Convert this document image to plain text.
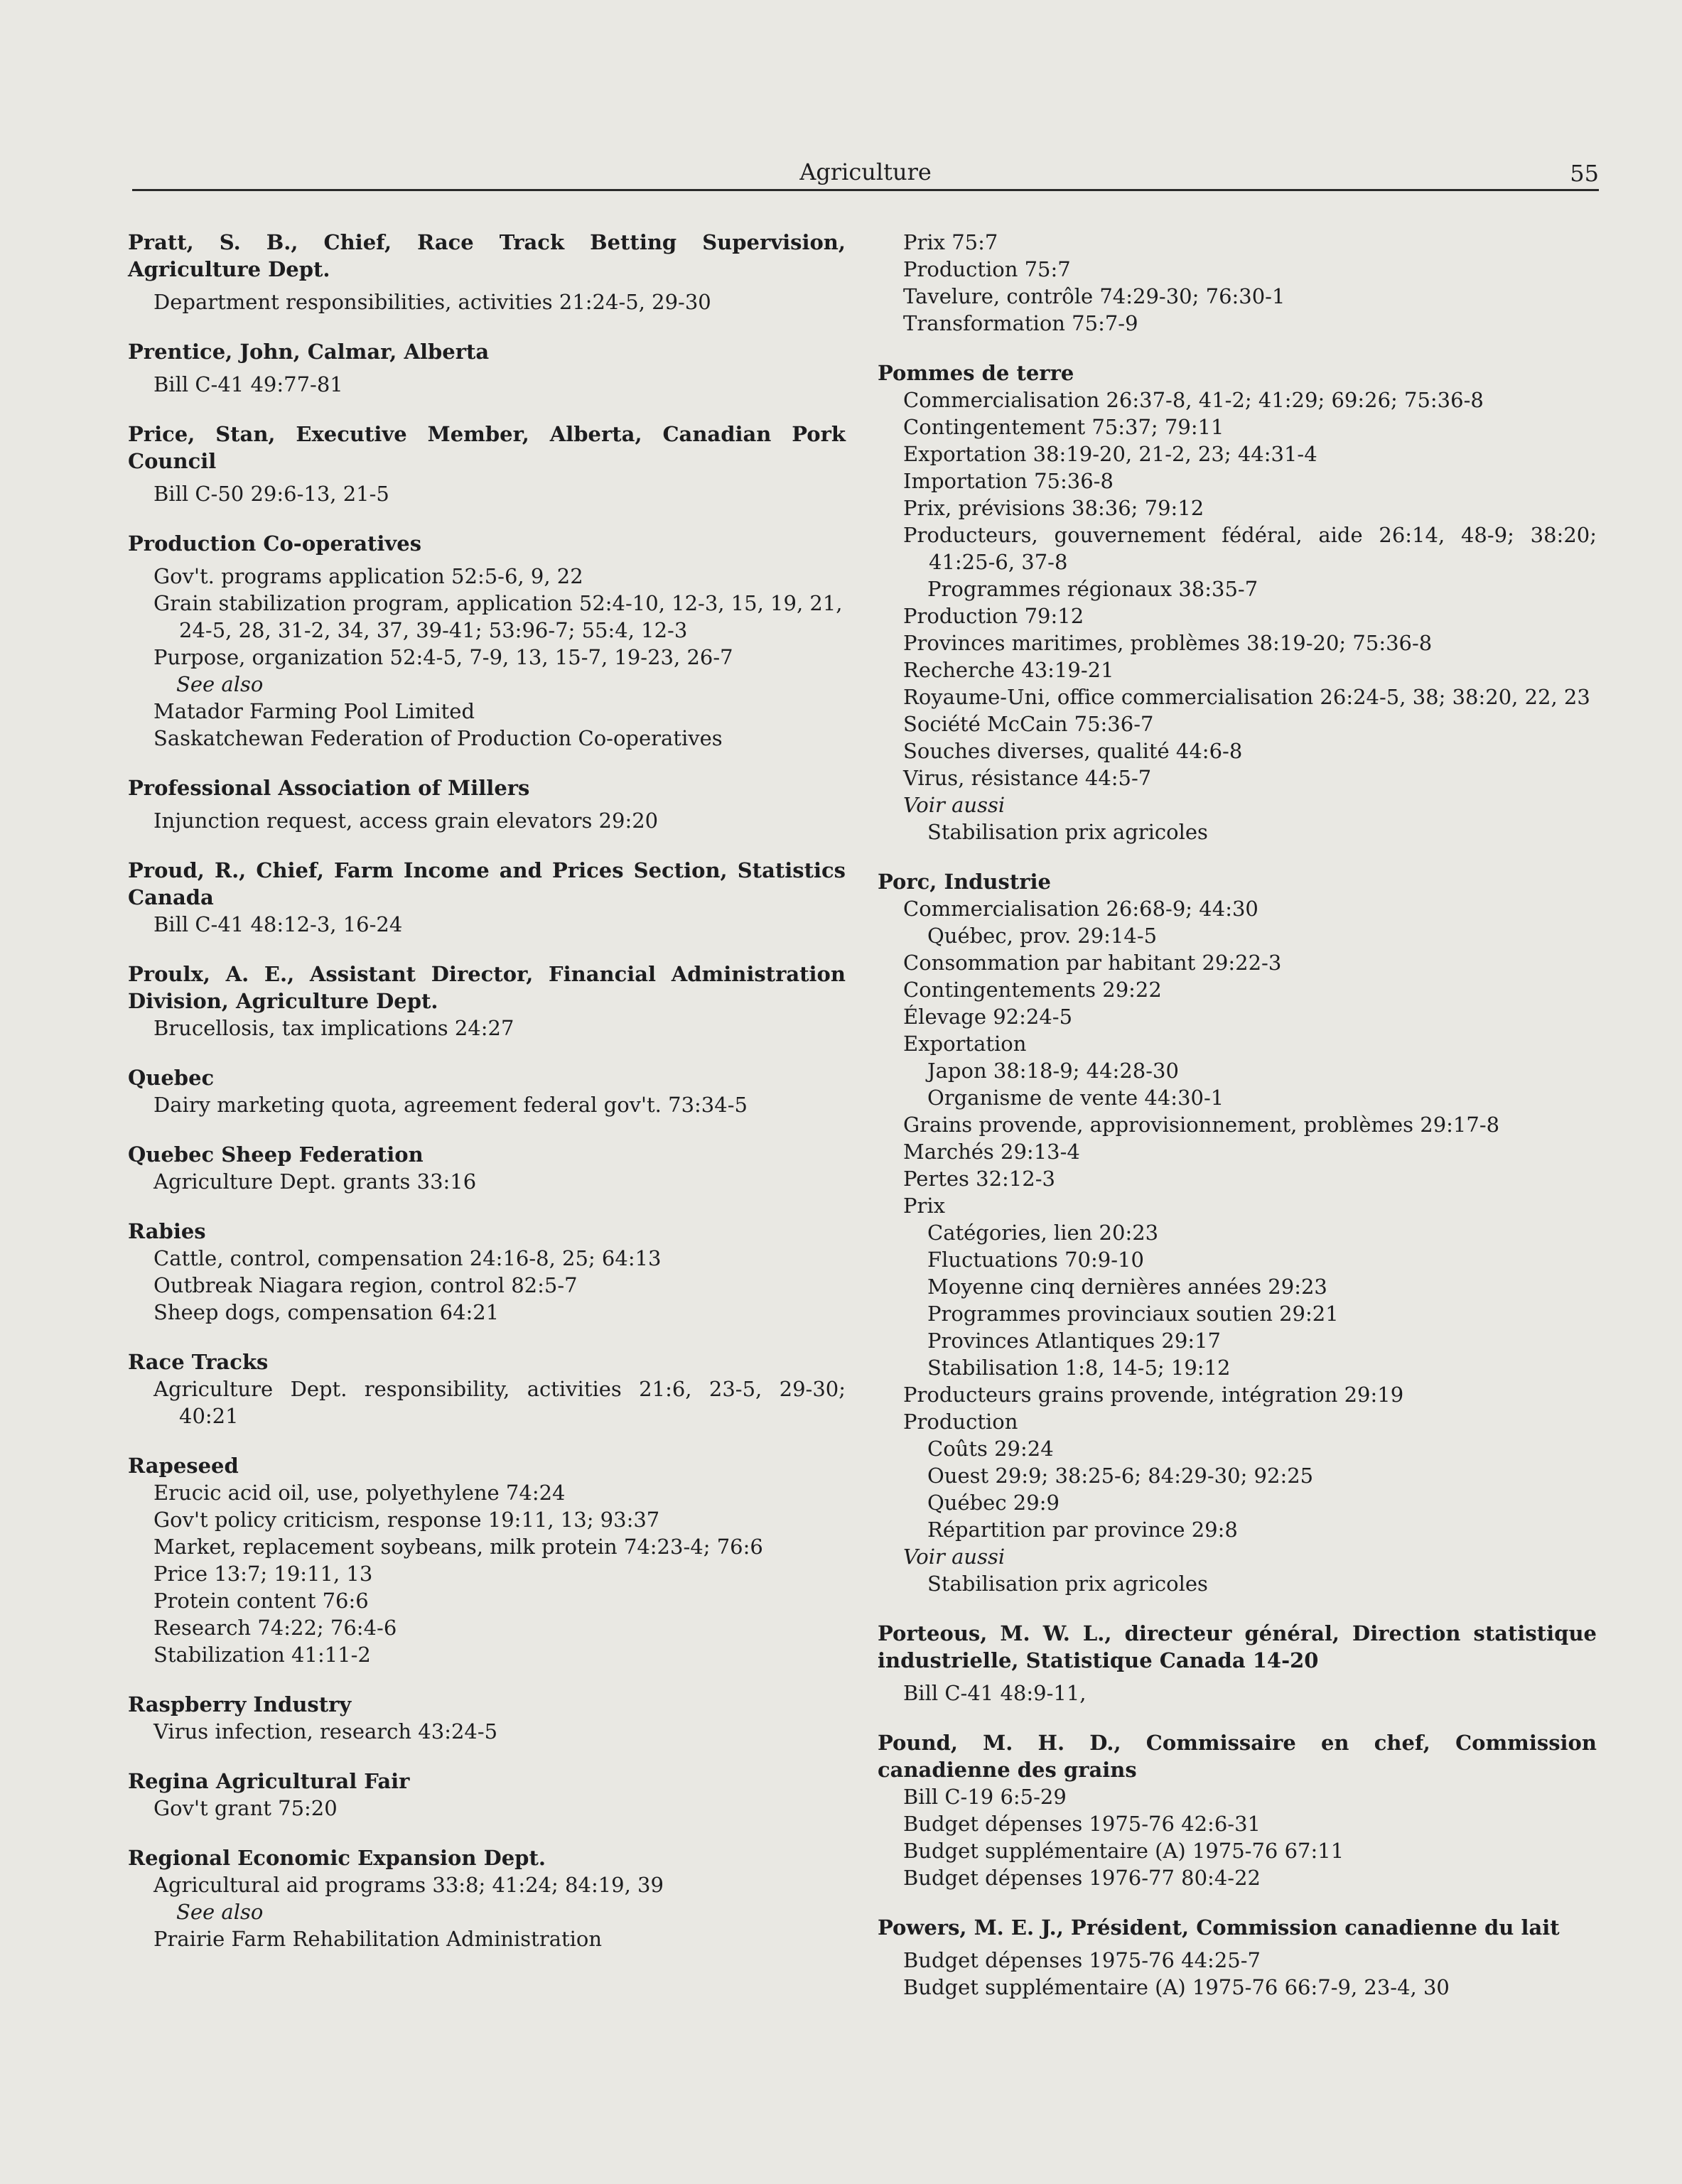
Agriculture	55
Pratt, S. B., Chief, Race Track Betting Supervision, Agriculture Dept.
Department responsibilities, activities 21:24-5, 29-30
Prentice, John, Calmar, Alberta
Bill C-41 49:77-81
Price, Stan, Executive Member, Alberta, Canadian Pork Council
Bill C-50 29:6-13, 21-5
Production Co-operatives
Gov't. programs application 52:5-6, 9, 22
Grain stabilization program, application 52:4-10, 12-3, 15, 19, 21, 24-5, 28, 31-2, 34, 37, 39-41; 53:96-7; 55:4, 12-3
Purpose, organization 52:4-5, 7-9, 13, 15-7, 19-23, 26-7
See also
Matador Farming Pool Limited
Saskatchewan Federation of Production Co-operatives
Professional Association of Millers
Injunction request, access grain elevators 29:20
Proud, R., Chief, Farm Income and Prices Section, Statistics Canada
Bill C-41 48:12-3, 16-24
Proulx, A. E., Assistant Director, Financial Administration Division, Agriculture Dept.
Brucellosis, tax implications 24:27
Quebec
Dairy marketing quota, agreement federal gov't. 73:34-5
Quebec Sheep Federation
Agriculture Dept. grants 33:16
Rabies
Cattle, control, compensation 24:16-8, 25; 64:13
Outbreak Niagara region, control 82:5-7
Sheep dogs, compensation 64:21
Race Tracks
Agriculture Dept. responsibility, activities 21:6, 23-5, 29-30; 40:21
Rapeseed
Erucic acid oil, use, polyethylene 74:24
Gov't policy criticism, response 19:11, 13; 93:37
Market, replacement soybeans, milk protein 74:23-4; 76:6
Price 13:7; 19:11, 13
Protein content 76:6
Research 74:22; 76:4-6
Stabilization 41:11-2
Raspberry Industry
Virus infection, research 43:24-5
Regina Agricultural Fair
Gov't grant 75:20
Regional Economic Expansion Dept.
Agricultural aid programs 33:8; 41:24; 84:19, 39
See also
Prairie Farm Rehabilitation Administration
Prix 75:7
Production 75:7
Tavelure, contrôle 74:29-30; 76:30-1
Transformation 75:7-9
Pommes de terre
Commercialisation 26:37-8, 41-2; 41:29; 69:26; 75:36-8
Contingentement 75:37; 79:11
Exportation 38:19-20, 21-2, 23; 44:31-4
Importation 75:36-8
Prix, prévisions 38:36; 79:12
Producteurs, gouvernement fédéral, aide 26:14, 48-9; 38:20; 41:25-6, 37-8
Programmes régionaux 38:35-7
Production 79:12
Provinces maritimes, problèmes 38:19-20; 75:36-8
Recherche 43:19-21
Royaume-Uni, office commercialisation 26:24-5, 38; 38:20, 22, 23
Société McCain 75:36-7
Souches diverses, qualité 44:6-8
Virus, résistance 44:5-7
Voir aussi
Stabilisation prix agricoles
Porc, Industrie
Commercialisation 26:68-9; 44:30
Québec, prov. 29:14-5
Consommation par habitant 29:22-3
Contingentements 29:22
Élevage 92:24-5
Exportation
Japon 38:18-9; 44:28-30
Organisme de vente 44:30-1
Grains provende, approvisionnement, problèmes 29:17-8
Marchés 29:13-4
Pertes 32:12-3
Prix
Catégories, lien 20:23
Fluctuations 70:9-10
Moyenne cinq dernières années 29:23
Programmes provinciaux soutien 29:21
Provinces Atlantiques 29:17
Stabilisation 1:8, 14-5; 19:12
Producteurs grains provende, intégration 29:19
Production
Coûts 29:24
Ouest 29:9; 38:25-6; 84:29-30; 92:25
Québec 29:9
Répartition par province 29:8
Voir aussi
Stabilisation prix agricoles
Porteous, M. W. L., directeur général, Direction statistique industrielle, Statistique Canada 14-20
Bill C-41 48:9-11,
Pound, M. H. D., Commissaire en chef, Commission canadienne des grains
Bill C-19 6:5-29
Budget dépenses 1975-76 42:6-31
Budget supplémentaire (A) 1975-76 67:11
Budget dépenses 1976-77 80:4-22
Powers, M. E. J., Président, Commission canadienne du lait
Budget dépenses 1975-76 44:25-7
Budget supplémentaire (A) 1975-76 66:7-9, 23-4, 30
